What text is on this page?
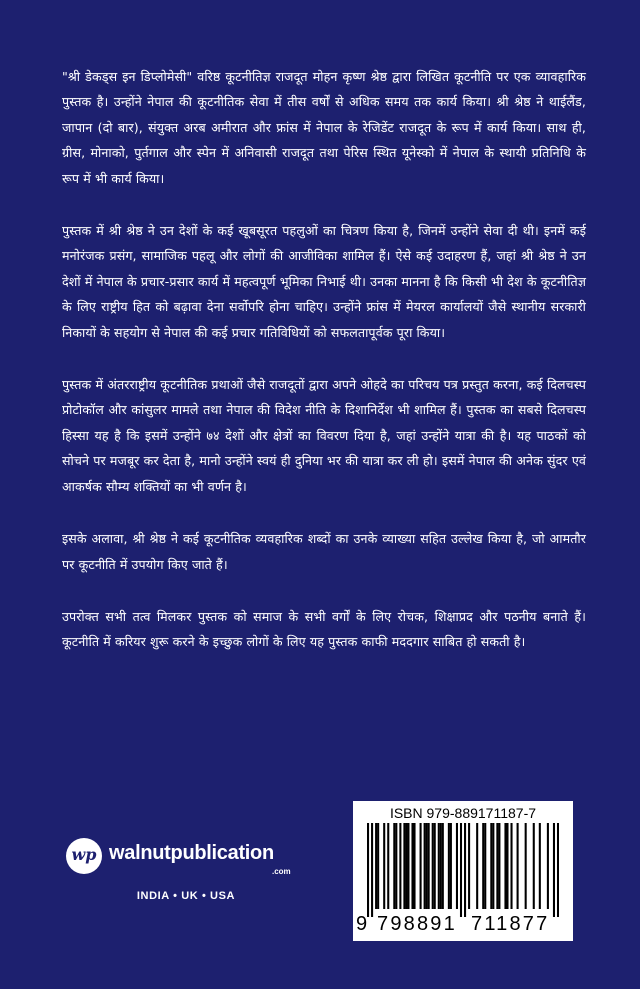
"श्री डेकड्स इन डिप्लोमेसी" वरिष्ठ कूटनीतिज्ञ राजदूत मोहन कृष्ण श्रेष्ठ द्वारा लिखित कूटनीति पर एक व्यावहारिक पुस्तक है। उन्होंने नेपाल की कूटनीतिक सेवा में तीस वर्षों से अधिक समय तक कार्य किया। श्री श्रेष्ठ ने थाईलैंड, जापान (दो बार), संयुक्त अरब अमीरात और फ्रांस में नेपाल के रेजिडेंट राजदूत के रूप में कार्य किया। साथ ही, ग्रीस, मोनाको, पुर्तगाल और स्पेन में अनिवासी राजदूत तथा पेरिस स्थित यूनेस्को में नेपाल के स्थायी प्रतिनिधि के रूप में भी कार्य किया।

पुस्तक में श्री श्रेष्ठ ने उन देशों के कई खूबसूरत पहलुओं का चित्रण किया है, जिनमें उन्होंने सेवा दी थी। इनमें कई मनोरंजक प्रसंग, सामाजिक पहलू और लोगों की आजीविका शामिल हैं। ऐसे कई उदाहरण हैं, जहां श्री श्रेष्ठ ने उन देशों में नेपाल के प्रचार-प्रसार कार्य में महत्वपूर्ण भूमिका निभाई थी। उनका मानना है कि किसी भी देश के कूटनीतिज्ञ के लिए राष्ट्रीय हित को बढ़ावा देना सर्वोपरि होना चाहिए। उन्होंने फ्रांस में मेयरल कार्यालयों जैसे स्थानीय सरकारी निकायों के सहयोग से नेपाल की कई प्रचार गतिविधियों को सफलतापूर्वक पूरा किया।

पुस्तक में अंतरराष्ट्रीय कूटनीतिक प्रथाओं जैसे राजदूतों द्वारा अपने ओहदे का परिचय पत्र प्रस्तुत करना, कई दिलचस्प प्रोटोकॉल और कांसुलर मामले तथा नेपाल की विदेश नीति के दिशानिर्देश भी शामिल हैं। पुस्तक का सबसे दिलचस्प हिस्सा यह है कि इसमें उन्होंने ७४ देशों और क्षेत्रों का विवरण दिया है, जहां उन्होंने यात्रा की है। यह पाठकों को सोचने पर मजबूर कर देता है, मानो उन्होंने स्वयं ही दुनिया भर की यात्रा कर ली हो। इसमें नेपाल की अनेक सुंदर एवं आकर्षक सौम्य शक्तियों का भी वर्णन है।

इसके अलावा, श्री श्रेष्ठ ने कई कूटनीतिक व्यवहारिक शब्दों का उनके व्याख्या सहित उल्लेख किया है, जो आमतौर पर कूटनीति में उपयोग किए जाते हैं।

उपरोक्त सभी तत्व मिलकर पुस्तक को समाज के सभी वर्गों के लिए रोचक, शिक्षाप्रद और पठनीय बनाते हैं। कूटनीति में करियर शुरू करने के इच्छुक लोगों के लिए यह पुस्तक काफी मददगार साबित हो सकती है।

wp walnutpublication
.com
INDIA • UK • USA
ISBN 979-889171187-7
9 798891 711877
